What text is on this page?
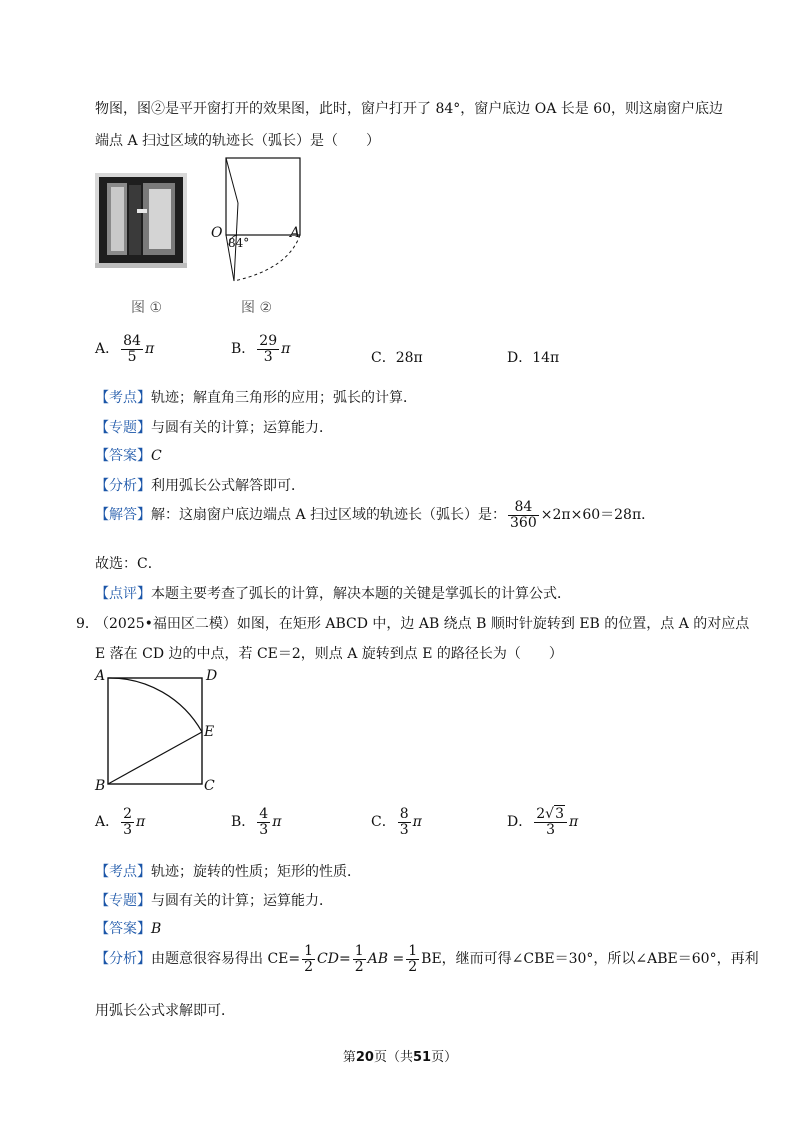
物图，图②是平开窗打开的效果图，此时，窗户打开了 84°，窗户底边 OA 长是 60，则这扇窗户底边
端点 A 扫过区域的轨迹长（弧长）是（　　）
O	A
84°
图 ①	图 ②
A． $\frac{84}{5}$ π	B． $\frac{29}{3}$ π
C．28π	D．14π
【考点】轨迹；解直角三角形的应用；弧长的计算．
【专题】与圆有关的计算；运算能力．
【答案】C
【分析】利用弧长公式解答即可．
【解答】解：这扇窗户底边端点 A 扫过区域的轨迹长（弧长）是： $\frac{84}{360} \times 2\pi\times 60=28\pi$．
故选：C．
【点评】本题主要考查了弧长的计算，解决本题的关键是掌弧长的计算公式．
9．
（2025•福田区二模）如图，在矩形 ABCD 中，边 AB 绕点 B 顺时针旋转到 EB 的位置，点 A 的对应点
E 落在 CD 边的中点，若 CE＝2，则点 A 旋转到点 E 的路径长为（　　）
A	D
E
B	C
A． $\frac{2}{3}$ π	B． $\frac{4}{3}$ π	C． $\frac{8}{3}$ π	D． $\frac{2√3}{3}$ π
【考点】轨迹；旋转的性质；矩形的性质．
【专题】与圆有关的计算；运算能力．
【答案】B
【分析】由题意很容易得出 $CE= \frac{1}{2} CD= \frac{1}{2}$ AB = $\frac{1}{2}$ BE，继而可得∠CBE＝30°，所以∠ABE＝60°，再利
用弧长公式求解即可．
第20页（共51页）
